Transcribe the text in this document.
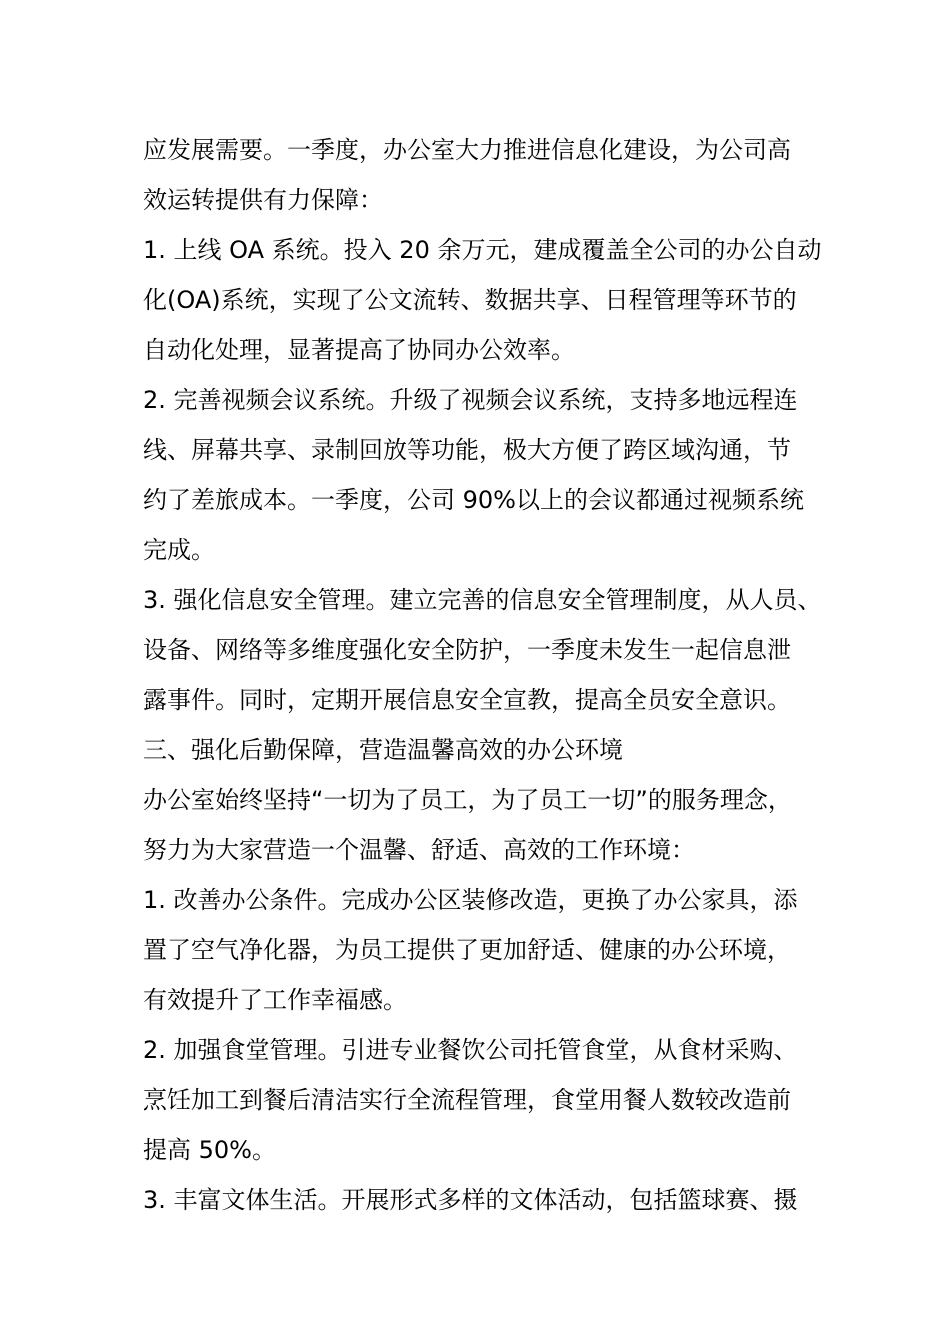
应发展需要。一季度，办公室大力推进信息化建设，为公司高
效运转提供有力保障：
1. 上线 OA 系统。投入 20 余万元，建成覆盖全公司的办公自动
化(OA)系统，实现了公文流转、数据共享、日程管理等环节的
自动化处理，显著提高了协同办公效率。
2. 完善视频会议系统。升级了视频会议系统，支持多地远程连
线、屏幕共享、录制回放等功能，极大方便了跨区域沟通，节
约了差旅成本。一季度，公司 90%以上的会议都通过视频系统
完成。
3. 强化信息安全管理。建立完善的信息安全管理制度，从人员、
设备、网络等多维度强化安全防护，一季度未发生一起信息泄
露事件。同时，定期开展信息安全宣教，提高全员安全意识。
三、强化后勤保障，营造温馨高效的办公环境
办公室始终坚持“一切为了员工，为了员工一切”的服务理念，
努力为大家营造一个温馨、舒适、高效的工作环境：
1. 改善办公条件。完成办公区装修改造，更换了办公家具，添
置了空气净化器，为员工提供了更加舒适、健康的办公环境，
有效提升了工作幸福感。
2. 加强食堂管理。引进专业餐饮公司托管食堂，从食材采购、
烹饪加工到餐后清洁实行全流程管理，食堂用餐人数较改造前
提高 50%。
3. 丰富文体生活。开展形式多样的文体活动，包括篮球赛、摄
